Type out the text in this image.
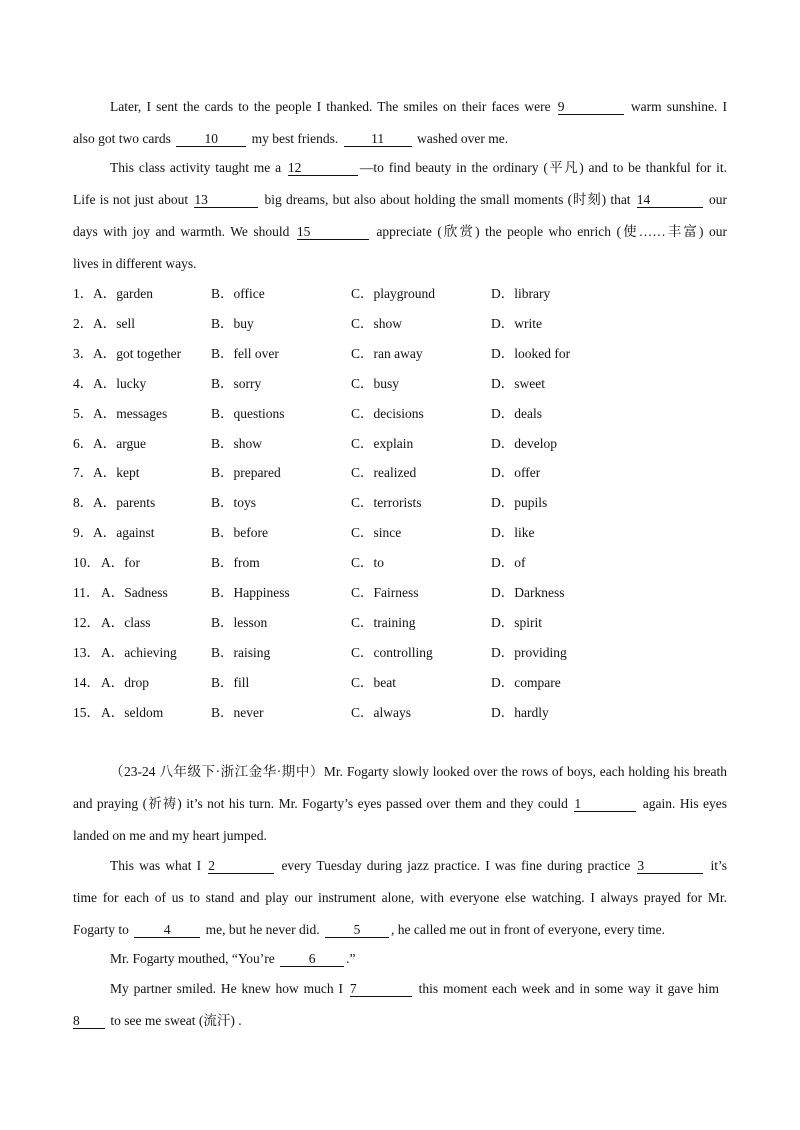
Later, I sent the cards to the people I thanked. The smiles on their faces were 9	warm sunshine. I
also got two cards 10 my best friends. 11 washed over me.
This class activity taught me a 12	—to find beauty in the ordinary (平凡) and to be thankful for it.
Life is not just about 13	big dreams, but also about holding the small moments (时刻) that 14	our
days with joy and warmth. We should 15	appreciate (欣赏) the people who enrich (使……丰富) our
lives in different ways.
1． A．garden	B．office	C．playground	D．library
2． A．sell	B．buy	C．show	D．write
3． A．got together B．fell over	C．ran away	D．looked for
4． A．lucky	B．sorry	C．busy	D．sweet
5． A．messages	B．questions	C．decisions	D．deals
6． A．argue	B．show	C．explain	D．develop
7． A．kept	B．prepared	C．realized	D．offer
8． A．parents	B．toys	C．terrorists	D．pupils
9． A．against	B．before	C．since	D．like
10． A．for	B．from	C．to	D．of
11． A．Sadness	B．Happiness	C．Fairness	D．Darkness
12． A．class	B．lesson	C．training	D．spirit
13． A．achieving	B．raising	C．controlling	D．providing
14． A．drop	B．fill	C．beat	D．compare
15． A．seldom	B．never	C．always	D．hardly
（23-24 八年级下·浙江金华·期中）Mr. Fogarty slowly looked over the rows of boys, each holding his breath
and praying (祈祷) it’s not his turn. Mr. Fogarty’s eyes passed over them and they could 1	again. His eyes
landed on me and my heart jumped.
This was what I 2	every Tuesday during jazz practice. I was fine during practice 3	it’s
time for each of us to stand and play our instrument alone, with everyone else watching. I always prayed for Mr.
Fogarty to	4	me, but he never did.	5 , he called me out in front of everyone, every time.
Mr. Fogarty mouthed, “You’re	6 .”
My partner smiled. He knew how much I 7	this moment each week and in some way it gave him
8 to see me sweat (流汗) .
